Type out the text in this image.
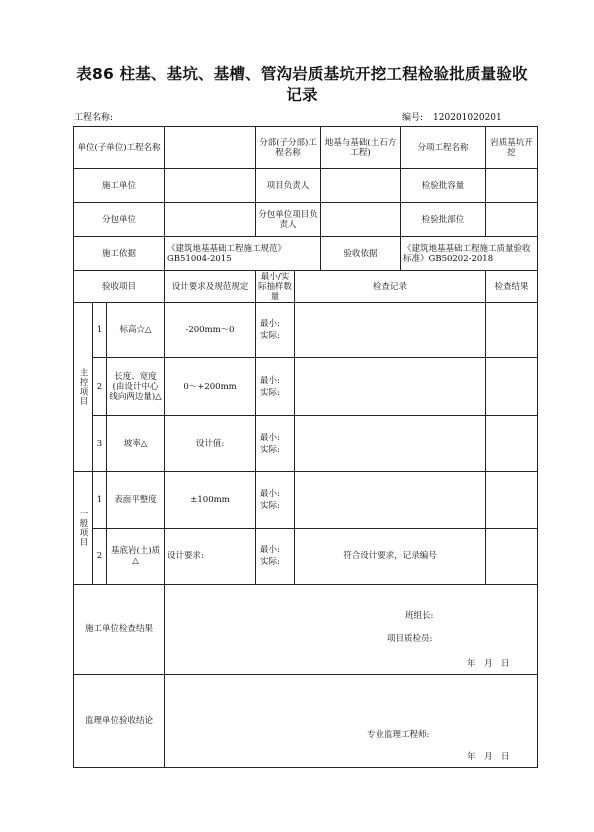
表86 柱基、基坑、基槽、管沟岩质基坑开挖工程检验批质量验收
记录
工程名称:	编号: 120201020201
单位(子单位)工程名称				分部(子分部)工程名称		地基与基础(土石方工程)	分项工程名称	岩质基坑开挖
施工单位				项目负责人			检验批容量	
分包单位				分包单位项目负责人			检验批部位	
施工依据			《建筑地基基础工程施工规范》GB51004-2015			验收依据	《建筑地基基础工程施工质量验收标准》GB50202-2018	
验收项目			设计要求及规范规定	最小/实际抽样数量	检查记录			检查结果

主控项目	1	标高☆△	-200mm～0	最小:
实际:				

	2	长度、宽度(由设计中心线向两边量)△	0～+200mm	最小:
实际:				

	3	坡率△	设计值:	最小:
实际:				

一般项目	1	表面平整度	±100mm	最小:
实际:				

	2	基底岩(土)质△	设计要求:	最小:
实际:	符合设计要求，记录编号			
施工单位检查结果			班组长:
项目质检员:
年　月　日					

监理单位验收结论			专业监理工程师:
年　月　日					
